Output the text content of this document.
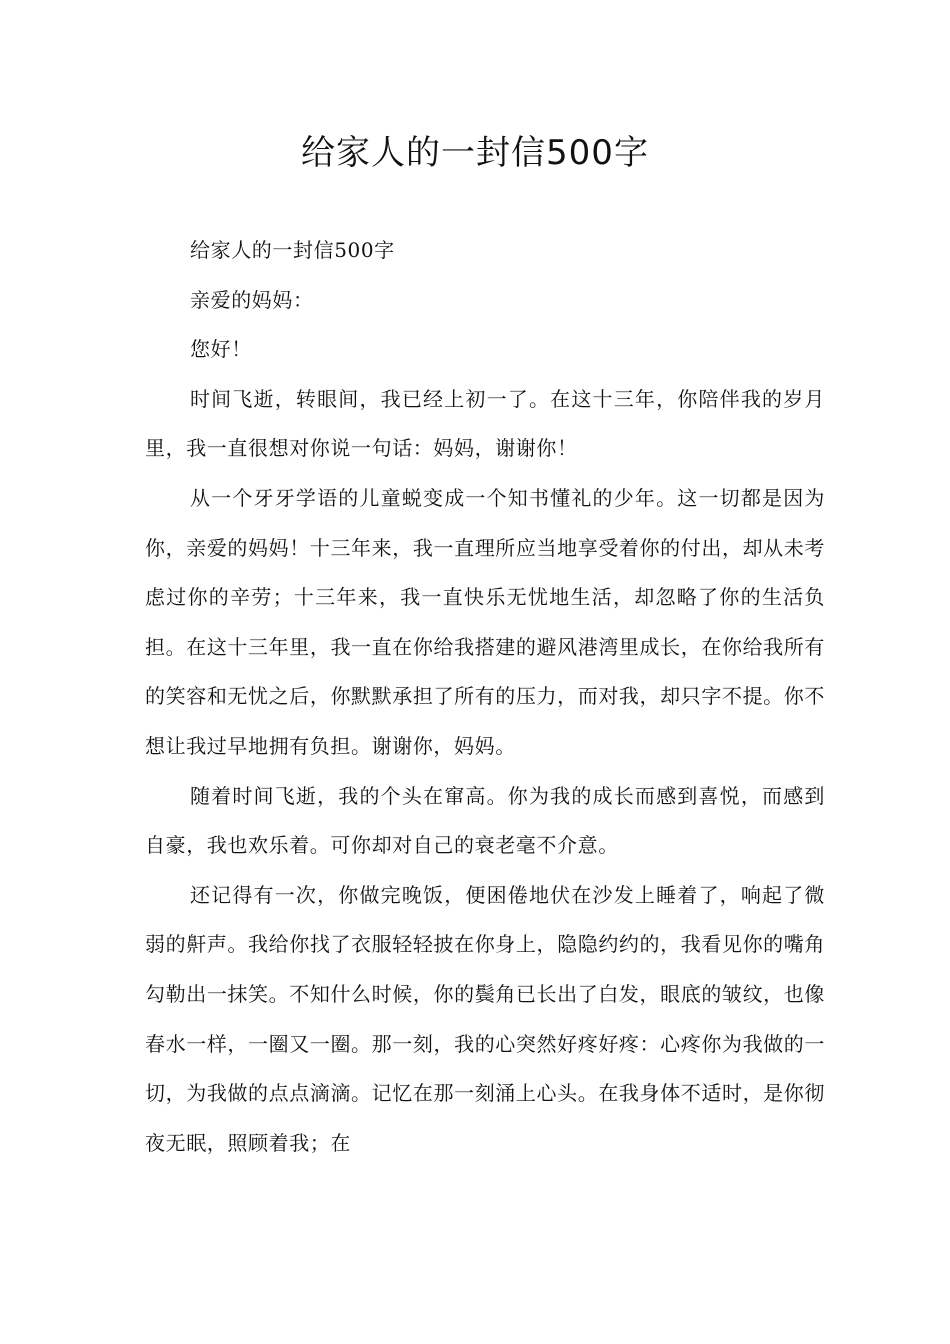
给家人的一封信500字

给家人的一封信500字

亲爱的妈妈：

您好！

时间飞逝，转眼间，我已经上初一了。在这十三年，你陪伴我的岁月里，我一直很想对你说一句话：妈妈，谢谢你！

从一个牙牙学语的儿童蜕变成一个知书懂礼的少年。这一切都是因为你，亲爱的妈妈！十三年来，我一直理所应当地享受着你的付出，却从未考虑过你的辛劳；十三年来，我一直快乐无忧地生活，却忽略了你的生活负担。在这十三年里，我一直在你给我搭建的避风港湾里成长，在你给我所有的笑容和无忧之后，你默默承担了所有的压力，而对我，却只字不提。你不想让我过早地拥有负担。谢谢你，妈妈。

随着时间飞逝，我的个头在窜高。你为我的成长而感到喜悦，而感到自豪，我也欢乐着。可你却对自己的衰老毫不介意。

还记得有一次，你做完晚饭，便困倦地伏在沙发上睡着了，响起了微弱的鼾声。我给你找了衣服轻轻披在你身上，隐隐约约的，我看见你的嘴角勾勒出一抹笑。不知什么时候，你的鬓角已长出了白发，眼底的皱纹，也像春水一样，一圈又一圈。那一刻，我的心突然好疼好疼：心疼你为我做的一切，为我做的点点滴滴。记忆在那一刻涌上心头。在我身体不适时，是你彻夜无眠，照顾着我；在
